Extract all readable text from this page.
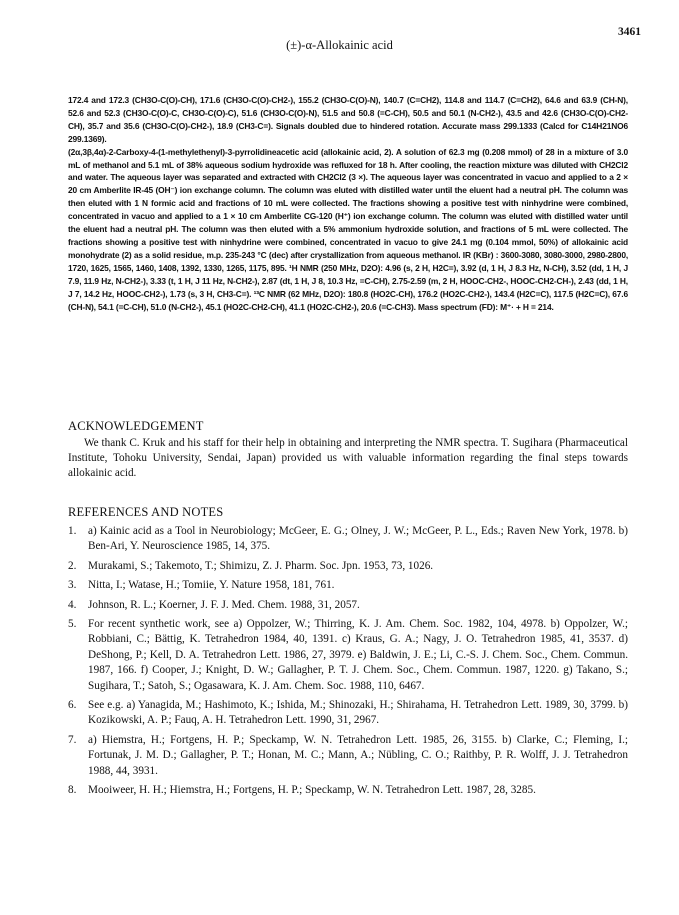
3461
(±)-α-Allokainic acid

172.4 and 172.3 (CH3O-C(O)-CH), 171.6 (CH3O-C(O)-CH2-), 155.2 (CH3O-C(O)-N), 140.7 (C=CH2), 114.8 and 114.7 (C=CH2), 64.6 and 63.9 (CH-N), 52.6 and 52.3 (CH3O-C(O)-C, CH3O-C(O)-C), 51.6 (CH3O-C(O)-N), 51.5 and 50.8 (=C-CH), 50.5 and 50.1 (N-CH2-), 43.5 and 42.6 (CH3O-C(O)-CH2-CH), 35.7 and 35.6 (CH3O-C(O)-CH2-), 18.9 (CH3-C=). Signals doubled due to hindered rotation. Accurate mass 299.1333 (Calcd for C14H21NO6 299.1369).

(2α,3β,4α)-2-Carboxy-4-(1-methylethenyl)-3-pyrrolidineacetic acid (allokainic acid, 2). A solution of 62.3 mg (0.208 mmol) of 28 in a mixture of 3.0 mL of methanol and 5.1 mL of 38% aqueous sodium hydroxide was refluxed for 18 h. After cooling, the reaction mixture was diluted with CH2Cl2 and water. The aqueous layer was separated and extracted with CH2Cl2 (3 ×). The aqueous layer was concentrated in vacuo and applied to a 2 × 20 cm Amberlite IR-45 (OH⁻) ion exchange column. The column was eluted with distilled water until the eluent had a neutral pH. The column was then eluted with 1 N formic acid and fractions of 10 mL were collected. The fractions showing a positive test with ninhydrine were combined, concentrated in vacuo and applied to a 1 × 10 cm Amberlite CG-120 (H⁺) ion exchange column. The column was eluted with distilled water until the eluent had a neutral pH. The column was then eluted with a 5% ammonium hydroxide solution, and fractions of 5 mL were collected. The fractions showing a positive test with ninhydrine were combined, concentrated in vacuo to give 24.1 mg (0.104 mmol, 50%) of allokainic acid monohydrate (2) as a solid residue, m.p. 235-243 °C (dec) after crystallization from aqueous methanol. IR (KBr) : 3600-3080, 3080-3000, 2980-2800, 1720, 1625, 1565, 1460, 1408, 1392, 1330, 1265, 1175, 895. ¹H NMR (250 MHz, D2O): 4.96 (s, 2 H, H2C=), 3.92 (d, 1 H, J 8.3 Hz, N-CH), 3.52 (dd, 1 H, J 7.9, 11.9 Hz, N-CH2-), 3.33 (t, 1 H, J 11 Hz, N-CH2-), 2.87 (dt, 1 H, J 8, 10.3 Hz, =C-CH), 2.75-2.59 (m, 2 H, HOOC-CH2-, HOOC-CH2-CH-), 2.43 (dd, 1 H, J 7, 14.2 Hz, HOOC-CH2-), 1.73 (s, 3 H, CH3-C=). ¹³C NMR (62 MHz, D2O): 180.8 (HO2C-CH), 176.2 (HO2C-CH2-), 143.4 (H2C=C), 117.5 (H2C=C), 67.6 (CH-N), 54.1 (=C-CH), 51.0 (N-CH2-), 45.1 (HO2C-CH2-CH), 41.1 (HO2C-CH2-), 20.6 (=C-CH3). Mass spectrum (FD): M⁺· + H = 214.

ACKNOWLEDGEMENT

We thank C. Kruk and his staff for their help in obtaining and interpreting the NMR spectra. T. Sugihara (Pharmaceutical Institute, Tohoku University, Sendai, Japan) provided us with valuable information regarding the final steps towards allokainic acid.

REFERENCES AND NOTES
1. a) Kainic acid as a Tool in Neurobiology; McGeer, E. G.; Olney, J. W.; McGeer, P. L., Eds.; Raven New York, 1978. b) Ben-Ari, Y. Neuroscience 1985, 14, 375.
2. Murakami, S.; Takemoto, T.; Shimizu, Z. J. Pharm. Soc. Jpn. 1953, 73, 1026.
3. Nitta, I.; Watase, H.; Tomiie, Y. Nature 1958, 181, 761.
4. Johnson, R. L.; Koerner, J. F. J. Med. Chem. 1988, 31, 2057.
5. For recent synthetic work, see a) Oppolzer, W.; Thirring, K. J. Am. Chem. Soc. 1982, 104, 4978. b) Oppolzer, W.; Robbiani, C.; Bättig, K. Tetrahedron 1984, 40, 1391. c) Kraus, G. A.; Nagy, J. O. Tetrahedron 1985, 41, 3537. d) DeShong, P.; Kell, D. A. Tetrahedron Lett. 1986, 27, 3979. e) Baldwin, J. E.; Li, C.-S. J. Chem. Soc., Chem. Commun. 1987, 166. f) Cooper, J.; Knight, D. W.; Gallagher, P. T. J. Chem. Soc., Chem. Commun. 1987, 1220. g) Takano, S.; Sugihara, T.; Satoh, S.; Ogasawara, K. J. Am. Chem. Soc. 1988, 110, 6467.
6. See e.g. a) Yanagida, M.; Hashimoto, K.; Ishida, M.; Shinozaki, H.; Shirahama, H. Tetrahedron Lett. 1989, 30, 3799. b) Kozikowski, A. P.; Fauq, A. H. Tetrahedron Lett. 1990, 31, 2967.
7. a) Hiemstra, H.; Fortgens, H. P.; Speckamp, W. N. Tetrahedron Lett. 1985, 26, 3155. b) Clarke, C.; Fleming, I.; Fortunak, J. M. D.; Gallagher, P. T.; Honan, M. C.; Mann, A.; Nübling, C. O.; Raithby, P. R. Wolff, J. J. Tetrahedron 1988, 44, 3931.
8. Mooiweer, H. H.; Hiemstra, H.; Fortgens, H. P.; Speckamp, W. N. Tetrahedron Lett. 1987, 28, 3285.
